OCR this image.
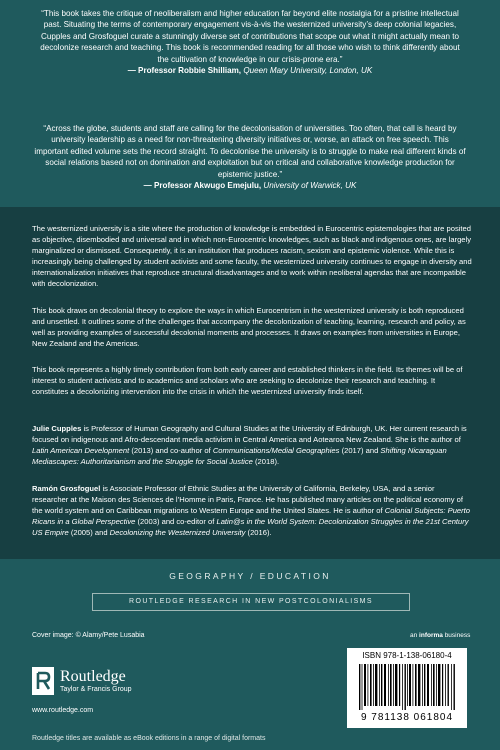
“This book takes the critique of neoliberalism and higher education far beyond elite nostalgia for a pristine intellectual past. Situating the terms of contemporary engagement vis-à-vis the westernized university’s deep colonial legacies, Cupples and Grosfoguel curate a stunningly diverse set of contributions that scope out what it might actually mean to decolonize research and teaching. This book is recommended reading for all those who wish to think differently about the cultivation of knowledge in our crisis-prone era.”
— Professor Robbie Shilliam, Queen Mary University, London, UK
“Across the globe, students and staff are calling for the decolonisation of universities. Too often, that call is heard by university leadership as a need for non-threatening diversity initiatives or, worse, an attack on free speech. This important edited volume sets the record straight. To decolonise the university is to struggle to make real different kinds of social relations based not on domination and exploitation but on critical and collaborative knowledge production for epistemic justice.”
— Professor Akwugo Emejulu, University of Warwick, UK
The westernized university is a site where the production of knowledge is embedded in Eurocentric epistemologies that are posited as objective, disembodied and universal and in which non-Eurocentric knowledges, such as black and indigenous ones, are largely marginalized or dismissed. Consequently, it is an institution that produces racism, sexism and epistemic violence. While this is increasingly being challenged by student activists and some faculty, the westernized university continues to engage in diversity and internationalization initiatives that reproduce structural disadvantages and to work within neoliberal agendas that are incompatible with decolonization.
This book draws on decolonial theory to explore the ways in which Eurocentrism in the westernized university is both reproduced and unsettled. It outlines some of the challenges that accompany the decolonization of teaching, learning, research and policy, as well as providing examples of successful decolonial moments and processes. It draws on examples from universities in Europe, New Zealand and the Americas.
This book represents a highly timely contribution from both early career and established thinkers in the field. Its themes will be of interest to student activists and to academics and scholars who are seeking to decolonize their research and teaching. It constitutes a decolonizing intervention into the crisis in which the westernized university finds itself.
Julie Cupples is Professor of Human Geography and Cultural Studies at the University of Edinburgh, UK. Her current research is focused on indigenous and Afro-descendant media activism in Central America and Aotearoa New Zealand. She is the author of Latin American Development (2013) and co-author of Communications/Medial Geographies (2017) and Shifting Nicaraguan Mediascapes: Authoritarianism and the Struggle for Social Justice (2018).
Ramón Grosfoguel is Associate Professor of Ethnic Studies at the University of California, Berkeley, USA, and a senior researcher at the Maison des Sciences de l’Homme in Paris, France. He has published many articles on the political economy of the world system and on Caribbean migrations to Western Europe and the United States. He is author of Colonial Subjects: Puerto Ricans in a Global Perspective (2003) and co-editor of Latin@s in the World System: Decolonization Struggles in the 21st Century US Empire (2005) and Decolonizing the Westernized University (2016).
GEOGRAPHY / EDUCATION
ROUTLEDGE RESEARCH IN NEW POSTCOLONIALISMS
Cover image: © Alamy/Pete Lusabia	an informa business
Routledge
Taylor & Francis Group
www.routledge.com
ISBN 978-1-138-06180-4
9 781138 061804
Routledge titles are available as eBook editions in a range of digital formats
